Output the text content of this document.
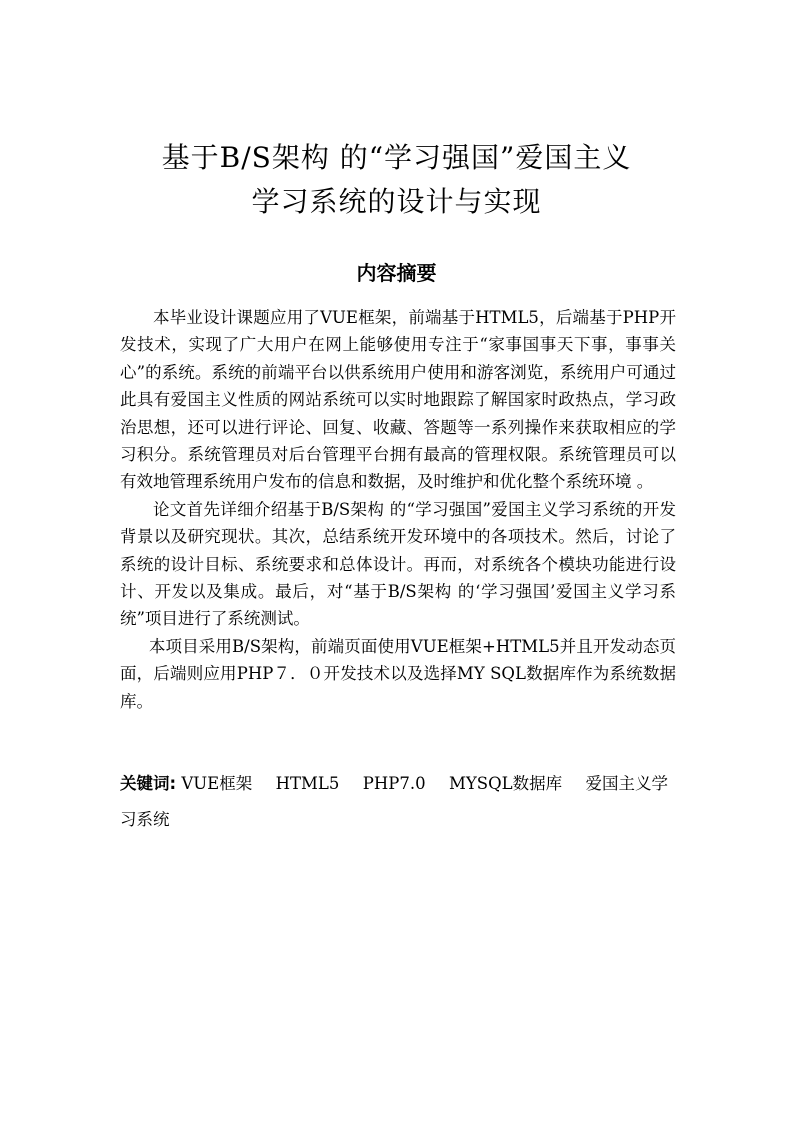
基于B/S架构 的“学习强国”爱国主义
学习系统的设计与实现
内容摘要

本毕业设计课题应用了VUE框架，前端基于HTML5，后端基于PHP开发技术，实现了广大用户在网上能够使用专注于“家事国事天下事，事事关心”的系统。系统的前端平台以供系统用户使用和游客浏览，系统用户可通过此具有爱国主义性质的网站系统可以实时地跟踪了解国家时政热点，学习政治思想，还可以进行评论、回复、收藏、答题等一系列操作来获取相应的学习积分。系统管理员对后台管理平台拥有最高的管理权限。系统管理员可以有效地管理系统用户发布的信息和数据，及时维护和优化整个系统环境 。

论文首先详细介绍基于B/S架构 的“学习强国”爱国主义学习系统的开发背景以及研究现状。其次，总结系统开发环境中的各项技术。然后，讨论了系统的设计目标、系统要求和总体设计。再而，对系统各个模块功能进行设计、开发以及集成。最后，对“基于B/S架构 的‘学习强国’爱国主义学习系统”项目进行了系统测试。

本项目采用B/S架构，前端页面使用VUE框架+HTML5并且开发动态页面，后端则应用PHP７．０开发技术以及选择MY SQL数据库作为系统数据库。

关键词: VUE框架 HTML5 PHP7.0 MYSQL数据库 爱国主义学习系统
